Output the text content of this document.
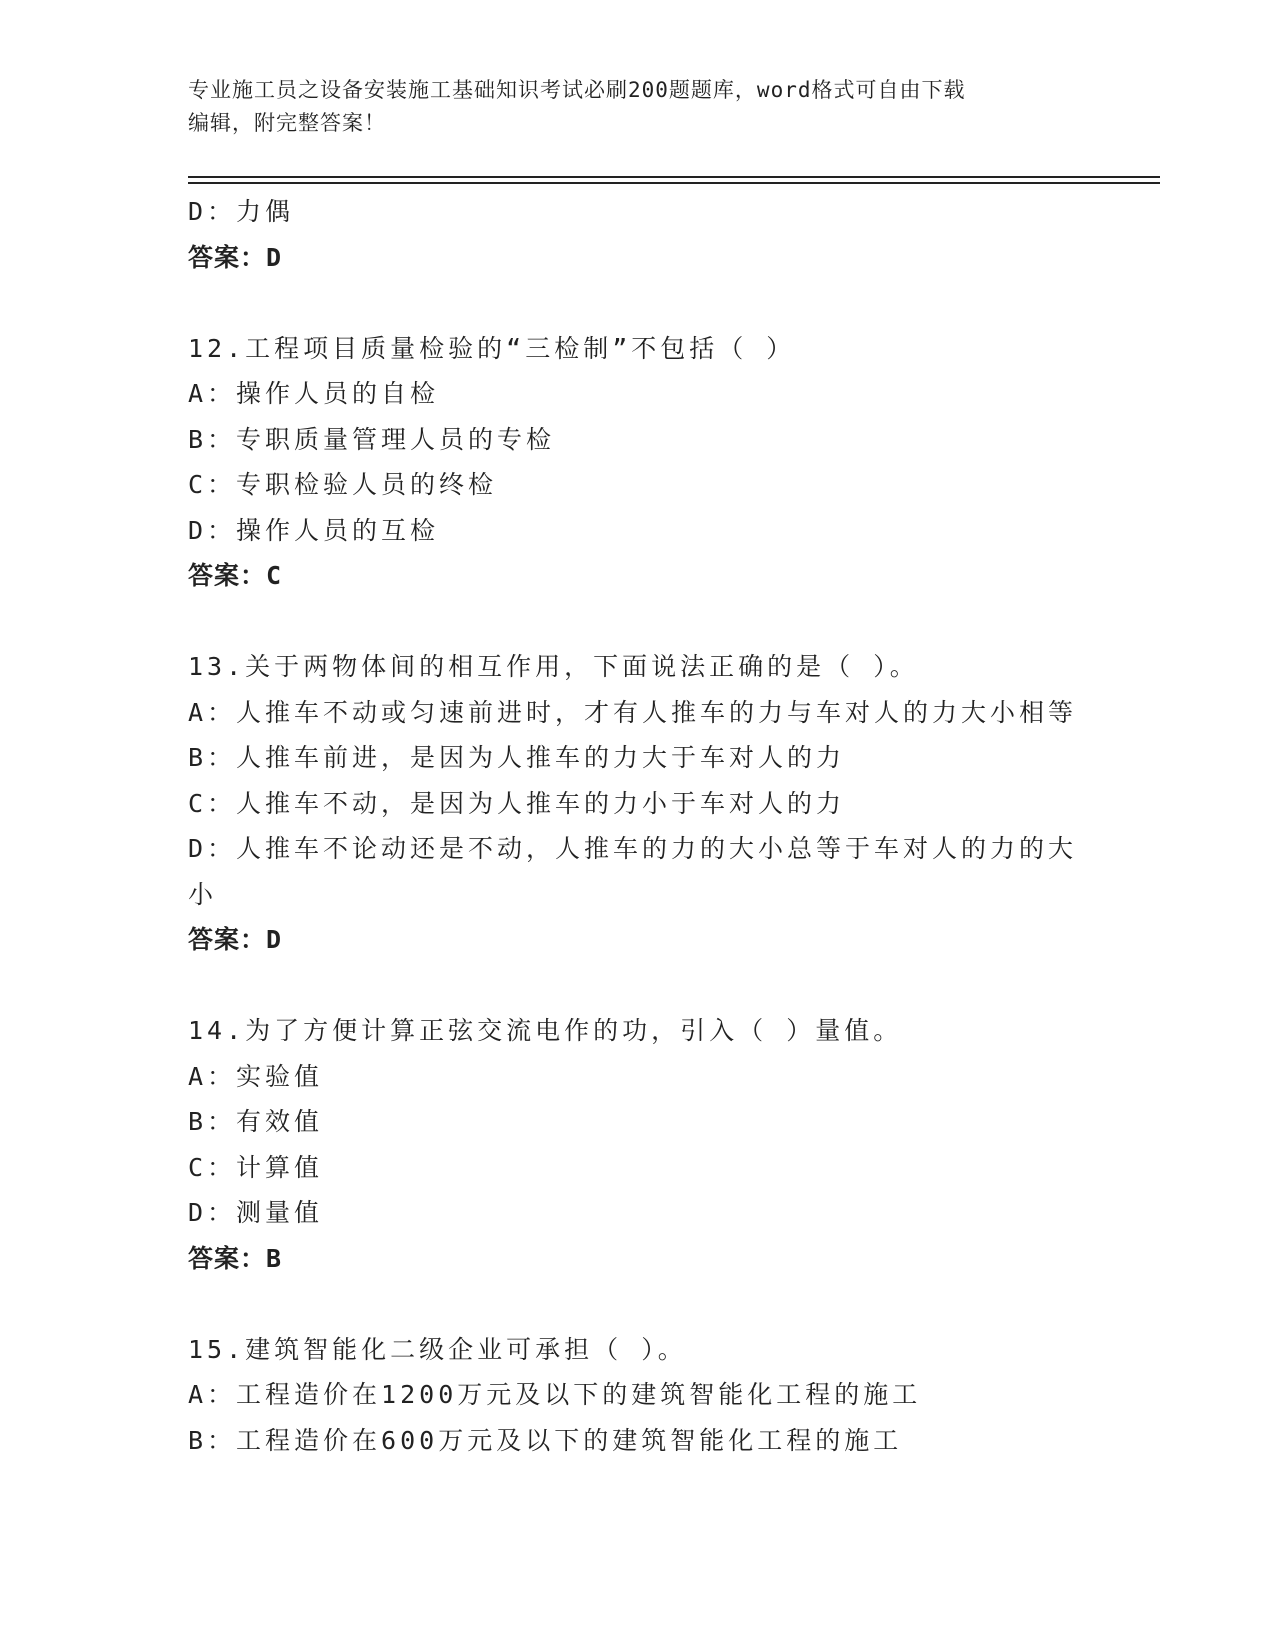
专业施工员之设备安装施工基础知识考试必刷200题题库，word格式可自由下载
编辑，附完整答案！
D：力偶
答案：D
12.工程项目质量检验的“三检制”不包括（ ）
A：操作人员的自检
B：专职质量管理人员的专检
C：专职检验人员的终检
D：操作人员的互检
答案：C
13.关于两物体间的相互作用，下面说法正确的是（ ）。
A：人推车不动或匀速前进时，才有人推车的力与车对人的力大小相等
B：人推车前进，是因为人推车的力大于车对人的力
C：人推车不动，是因为人推车的力小于车对人的力
D：人推车不论动还是不动，人推车的力的大小总等于车对人的力的大
小
答案：D
14.为了方便计算正弦交流电作的功，引入（ ）量值。
A：实验值
B：有效值
C：计算值
D：测量值
答案：B
15.建筑智能化二级企业可承担（ ）。
A：工程造价在1200万元及以下的建筑智能化工程的施工
B：工程造价在600万元及以下的建筑智能化工程的施工
